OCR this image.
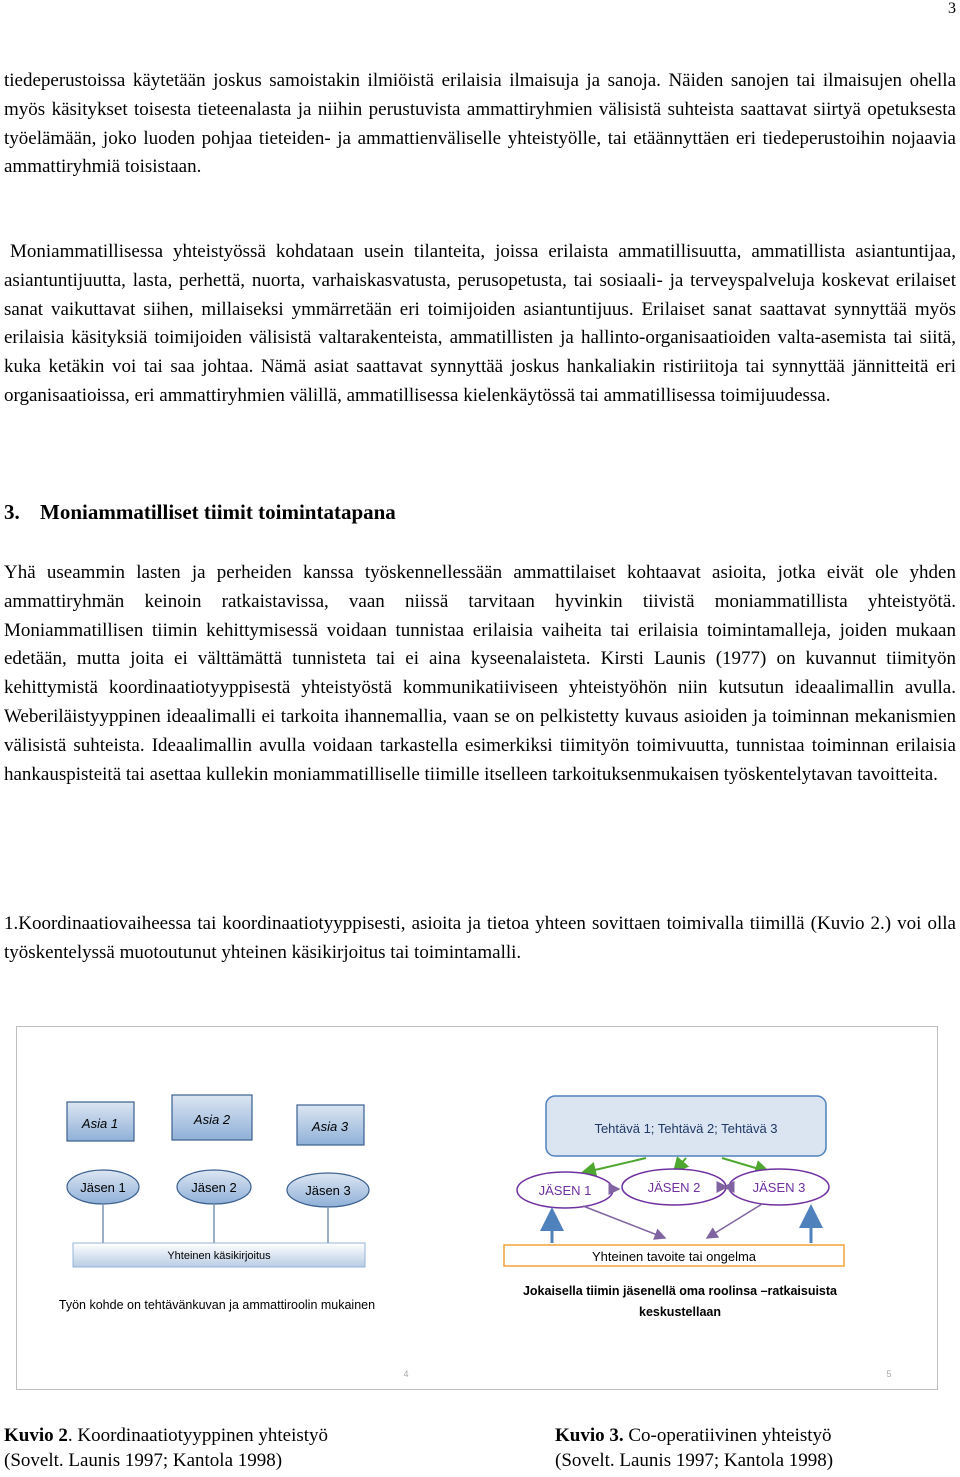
3

tiedeperustoissa käytetään joskus samoistakin ilmiöistä erilaisia ilmaisuja ja sanoja. Näiden sanojen tai ilmaisujen ohella myös käsitykset toisesta tieteenalasta ja niihin perustuvista ammattiryhmien välisistä suhteista saattavat siirtyä opetuksesta työelämään, joko luoden pohjaa tieteiden- ja ammattienväliselle yhteistyölle, tai etäännyttäen eri tiedeperustoihin nojaavia ammattiryhmiä toisistaan.

Moniammatillisessa yhteistyössä kohdataan usein tilanteita, joissa erilaista ammatillisuutta, ammatillista asiantuntijaa, asiantuntijuutta, lasta, perhettä, nuorta, varhaiskasvatusta, perusopetusta, tai sosiaali- ja terveyspalveluja koskevat erilaiset sanat vaikuttavat siihen, millaiseksi ymmärretään eri toimijoiden asiantuntijuus. Erilaiset sanat saattavat synnyttää myös erilaisia käsityksiä toimijoiden välisistä valtarakenteista, ammatillisten ja hallinto-organisaatioiden valta-asemista tai siitä, kuka ketäkin voi tai saa johtaa. Nämä asiat saattavat synnyttää joskus hankaliakin ristiriitoja tai synnyttää jännitteitä eri organisaatioissa, eri ammattiryhmien välillä, ammatillisessa kielenkäytössä tai ammatillisessa toimijuudessa.

3. Moniammatilliset tiimit toimintatapana

Yhä useammin lasten ja perheiden kanssa työskennellessään ammattilaiset kohtaavat asioita, jotka eivät ole yhden ammattiryhmän keinoin ratkaistavissa, vaan niissä tarvitaan hyvinkin tiivistä moniammatillista yhteistyötä. Moniammatillisen tiimin kehittymisessä voidaan tunnistaa erilaisia vaiheita tai erilaisia toimintamalleja, joiden mukaan edetään, mutta joita ei välttämättä tunnisteta tai ei aina kyseenalaisteta. Kirsti Launis (1977) on kuvannut tiimityön kehittymistä koordinaatiotyyppisestä yhteistyöstä kommunikatiiviseen yhteistyöhön niin kutsutun ideaalimallin avulla. Weberiläistyyppinen ideaalimalli ei tarkoita ihannemallia, vaan se on pelkistetty kuvaus asioiden ja toiminnan mekanismien välisistä suhteista. Ideaalimallin avulla voidaan tarkastella esimerkiksi tiimityön toimivuutta, tunnistaa toiminnan erilaisia hankauspisteitä tai asettaa kullekin moniammatilliselle tiimille itselleen tarkoituksenmukaisen työskentelytavan tavoitteita.

1.Koordinaatiovaiheessa tai koordinaatiotyyppisesti, asioita ja tietoa yhteen sovittaen toimivalla tiimillä (Kuvio 2.) voi olla työskentelyssä muotoutunut yhteinen käsikirjoitus tai toimintamalli.

Asia 1	Asia 2	Asia 3
Jäsen 1	Jäsen 2	Jäsen 3
Yhteinen käsikirjoitus
Työn kohde on tehtävänkuvan ja ammattiroolin mukainen
4
Tehtävä 1; Tehtävä 2; Tehtävä 3
JÄSEN 1	JÄSEN 2	JÄSEN 3
Yhteinen tavoite tai ongelma
Jokaisella tiimin jäsenellä oma roolinsa –ratkaisuista
keskustellaan
5
Kuvio 2. Koordinaatiotyyppinen yhteistyö
(Sovelt. Launis 1997; Kantola 1998)
Kuvio 3. Co-operatiivinen yhteistyö
(Sovelt. Launis 1997; Kantola 1998)
